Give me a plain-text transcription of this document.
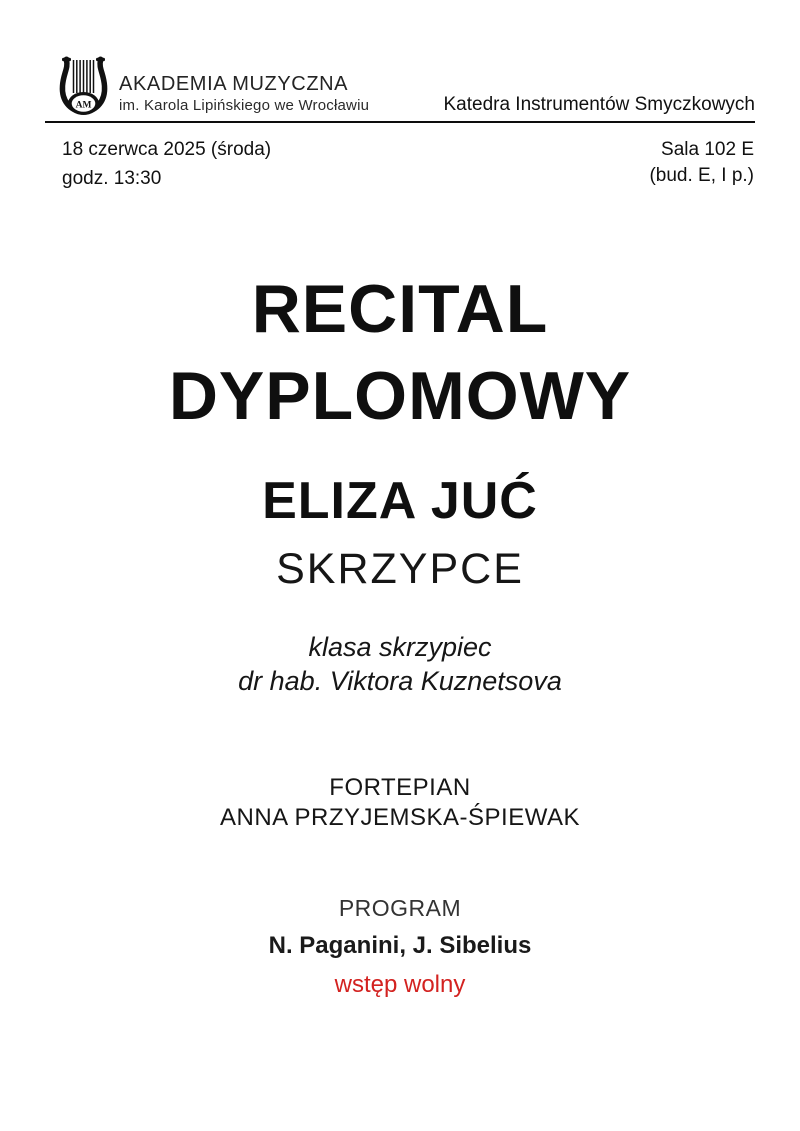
AM
AKADEMIA MUZYCZNA
im. Karola Lipińskiego we Wrocławiu	Katedra Instrumentów Smyczkowych
18 czerwca 2025 (środa)
godz. 13:30
Sala 102 E
(bud. E, I p.)
RECITAL
DYPLOMOWY
ELIZA JUĆ
SKRZYPCE
klasa skrzypiec
dr hab. Viktora Kuznetsova
FORTEPIAN
ANNA PRZYJEMSKA-ŚPIEWAK
PROGRAM
N. Paganini, J. Sibelius
wstęp wolny
